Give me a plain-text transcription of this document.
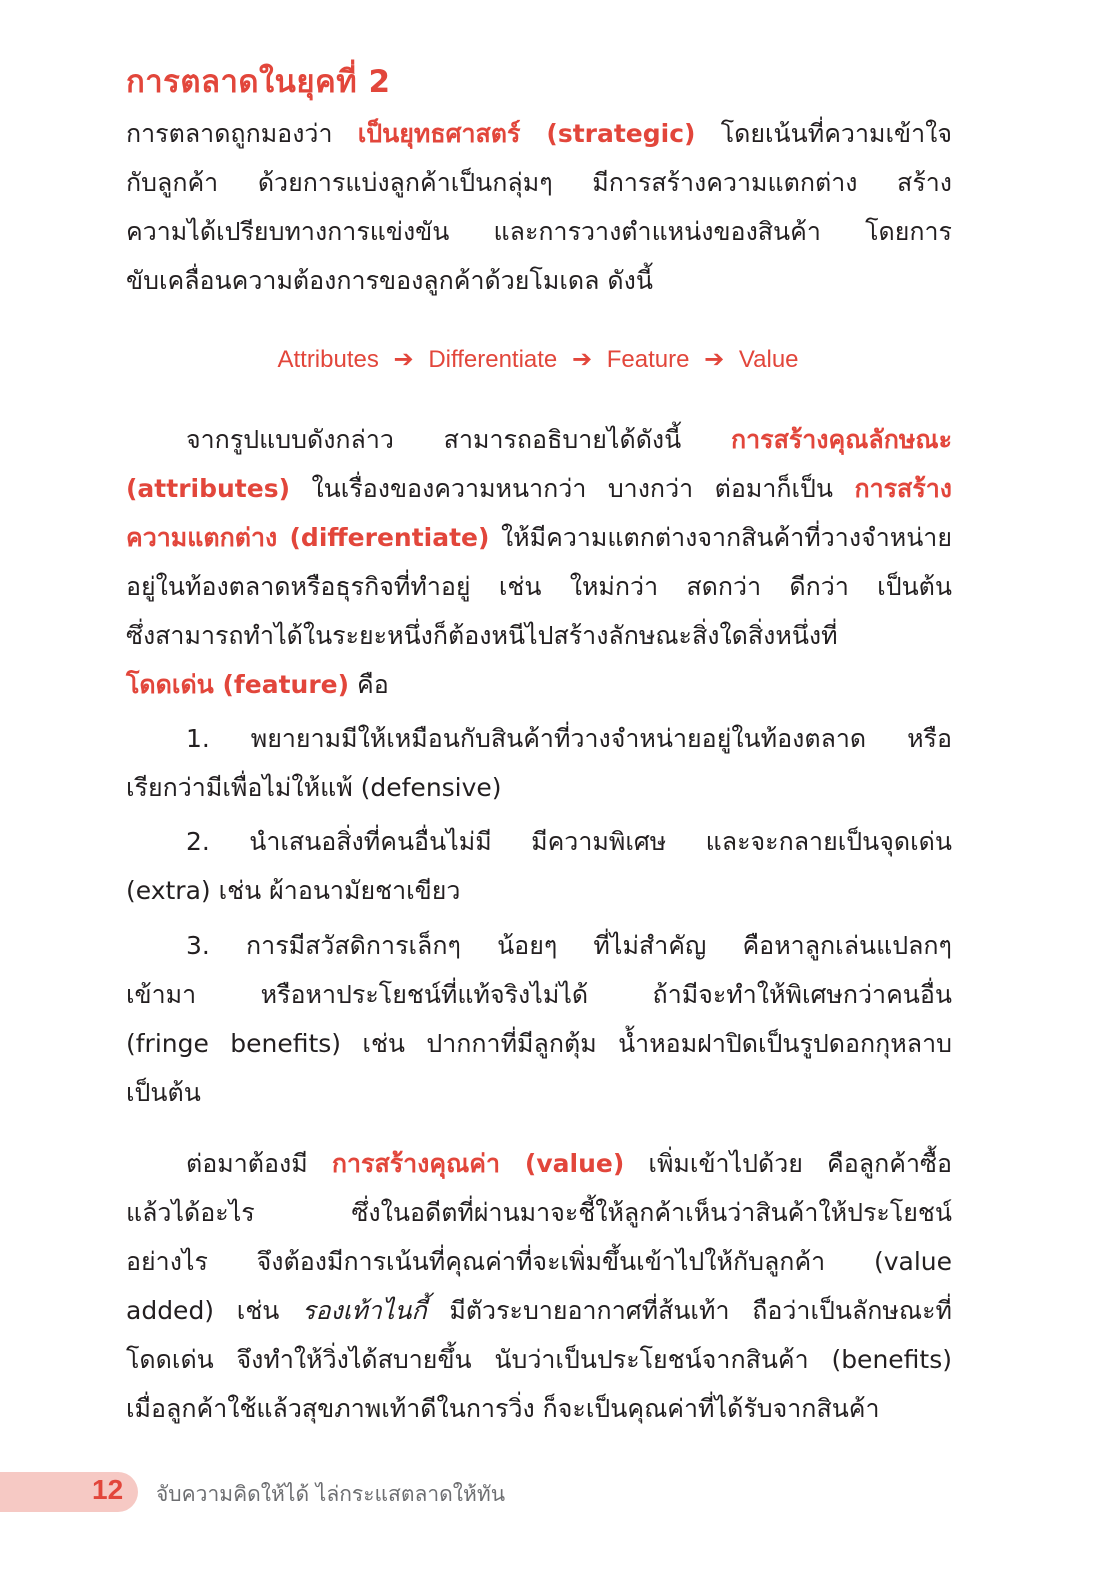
การตลาดในยุคที่ 2
การตลาดถูกมองว่า เป็นยุทธศาสตร์ (strategic) โดยเน้นที่ความเข้าใจ
กับลูกค้า ด้วยการแบ่งลูกค้าเป็นกลุ่มๆ มีการสร้างความแตกต่าง สร้าง
ความได้เปรียบทางการแข่งขัน และการวางตำแหน่งของสินค้า โดยการ
ขับเคลื่อนความต้องการของลูกค้าด้วยโมเดล ดังนี้
Attributes ➔ Differentiate ➔ Feature ➔ Value
จากรูปแบบดังกล่าว สามารถอธิบายได้ดังนี้ การสร้างคุณลักษณะ
(attributes) ในเรื่องของความหนากว่า บางกว่า ต่อมาก็เป็น การสร้าง
ความแตกต่าง (differentiate) ให้มีความแตกต่างจากสินค้าที่วางจำหน่าย
อยู่ในท้องตลาดหรือธุรกิจที่ทำอยู่ เช่น ใหม่กว่า สดกว่า ดีกว่า เป็นต้น
ซึ่งสามารถทำได้ในระยะหนึ่งก็ต้องหนีไปสร้างลักษณะสิ่งใดสิ่งหนึ่งที่
โดดเด่น (feature) คือ
1. พยายามมีให้เหมือนกับสินค้าที่วางจำหน่ายอยู่ในท้องตลาด หรือ
เรียกว่ามีเพื่อไม่ให้แพ้ (defensive)
2. นำเสนอสิ่งที่คนอื่นไม่มี มีความพิเศษ และจะกลายเป็นจุดเด่น
(extra) เช่น ผ้าอนามัยชาเขียว
3. การมีสวัสดิการเล็กๆ น้อยๆ ที่ไม่สำคัญ คือหาลูกเล่นแปลกๆ
เข้ามา หรือหาประโยชน์ที่แท้จริงไม่ได้ ถ้ามีจะทำให้พิเศษกว่าคนอื่น
(fringe benefits) เช่น ปากกาที่มีลูกตุ้ม น้ำหอมฝาปิดเป็นรูปดอกกุหลาบ
เป็นต้น
ต่อมาต้องมี การสร้างคุณค่า (value) เพิ่มเข้าไปด้วย คือลูกค้าซื้อ
แล้วได้อะไร ซึ่งในอดีตที่ผ่านมาจะชี้ให้ลูกค้าเห็นว่าสินค้าให้ประโยชน์
อย่างไร จึงต้องมีการเน้นที่คุณค่าที่จะเพิ่มขึ้นเข้าไปให้กับลูกค้า (value
added) เช่น รองเท้าไนกี้ มีตัวระบายอากาศที่ส้นเท้า ถือว่าเป็นลักษณะที่
โดดเด่น จึงทำให้วิ่งได้สบายขึ้น นับว่าเป็นประโยชน์จากสินค้า (benefits)
เมื่อลูกค้าใช้แล้วสุขภาพเท้าดีในการวิ่ง ก็จะเป็นคุณค่าที่ได้รับจากสินค้า
12 จับความคิดให้ได้ ไล่กระแสตลาดให้ทัน
